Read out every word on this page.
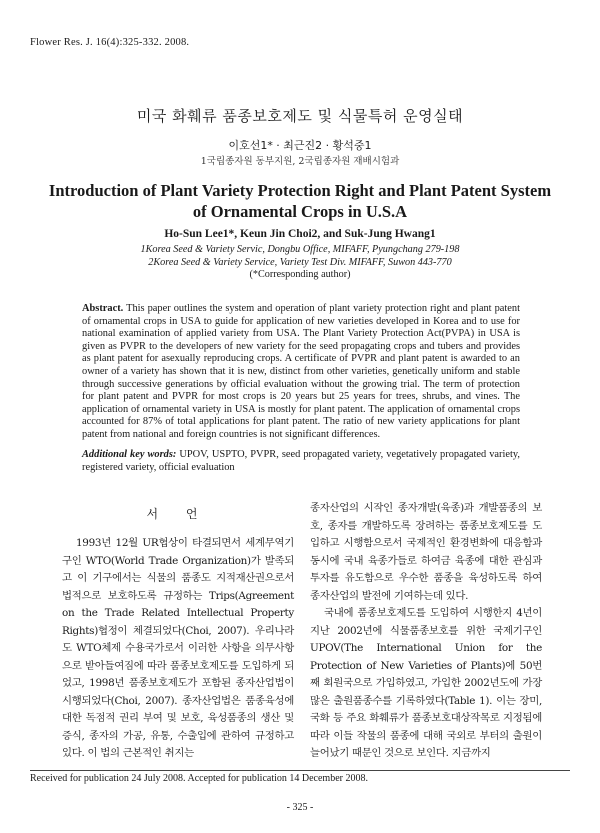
Flower Res. J. 16(4):325-332. 2008.
미국 화훼류 품종보호제도 및 식물특허 운영실태
이호선1* · 최근진2 · 황석중1
1국립종자원 동부지원, 2국립종자원 재배시험과
Introduction of Plant Variety Protection Right and Plant Patent System
of Ornamental Crops in U.S.A
Ho-Sun Lee1*, Keun Jin Choi2, and Suk-Jung Hwang1
1Korea Seed & Variety Servic, Dongbu Office, MIFAFF, Pyungchang 279-198
2Korea Seed & Variety Service, Variety Test Div. MIFAFF, Suwon 443-770
(*Corresponding author)
Abstract. This paper outlines the system and operation of plant variety protection right and plant patent of ornamental crops in USA to guide for application of new varieties developed in Korea and to use for national examination of applied variety from USA. The Plant Variety Protection Act(PVPA) in USA is given as PVPR to the developers of new variety for the seed propagating crops and tubers and provides as plant patent for asexually reproducing crops. A certificate of PVPR and plant patent is awarded to an owner of a variety has shown that it is new, distinct from other varieties, genetically uniform and stable through successive generations by official evaluation without the growing trial. The term of protection for plant patent and PVPR for most crops is 20 years but 25 years for trees, shrubs, and vines. The application of ornamental variety in USA is mostly for plant patent. The application of ornamental crops accounted for 87% of total applications for plant patent. The ratio of new variety applications for plant patent from national and foreign countries is not significant differences.
Additional key words: UPOV, USPTO, PVPR, seed propagated variety, vegetatively propagated variety, registered variety, official evaluation
서 언
1993년 12월 UR협상이 타결되면서 세계무역기구인 WTO(World Trade Organization)가 발족되고 이 기구에서는 식물의 품종도 지적재산권으로서 법적으로 보호하도록 규정하는 Trips(Agreement on the Trade Related Intellectual Property Rights)협정이 체결되었다(Choi, 2007). 우리나라도 WTO체제 수용국가로서 이러한 사항을 의무사항으로 받아들여짐에 따라 품종보호제도를 도입하게 되었고, 1998년 품종보호제도가 포함된 종자산업법이 시행되었다(Choi, 2007). 종자산업법은 품종육성에 대한 독점적 권리 부여 및 보호, 육성품종의 생산 및 증식, 종자의 가공, 유통, 수출입에 관하여 규정하고 있다. 이 법의 근본적인 취지는
종자산업의 시작인 종자개발(육종)과 개발품종의 보호, 종자를 개발하도록 장려하는 품종보호제도를 도입하고 시행함으로서 국제적인 환경변화에 대응함과 동시에 국내 육종가들로 하여금 육종에 대한 관심과 투자를 유도함으로 우수한 품종을 육성하도록 하여 종자산업의 발전에 기여하는데 있다.
국내에 품종보호제도를 도입하여 시행한지 4년이 지난 2002년에 식물품종보호를 위한 국제기구인 UPOV(The International Union for the Protection of New Varieties of Plants)에 50번째 회원국으로 가입하였고, 가입한 2002년도에 가장 많은 출원품종수를 기록하였다(Table 1). 이는 장미, 국화 등 주요 화훼류가 품종보호대상작목로 지정됨에 따라 이들 작물의 품종에 대해 국외로 부터의 출원이 늘어났기 때문인 것으로 보인다. 지금까지
Received for publication 24 July 2008. Accepted for publication 14 December 2008.
- 325 -
